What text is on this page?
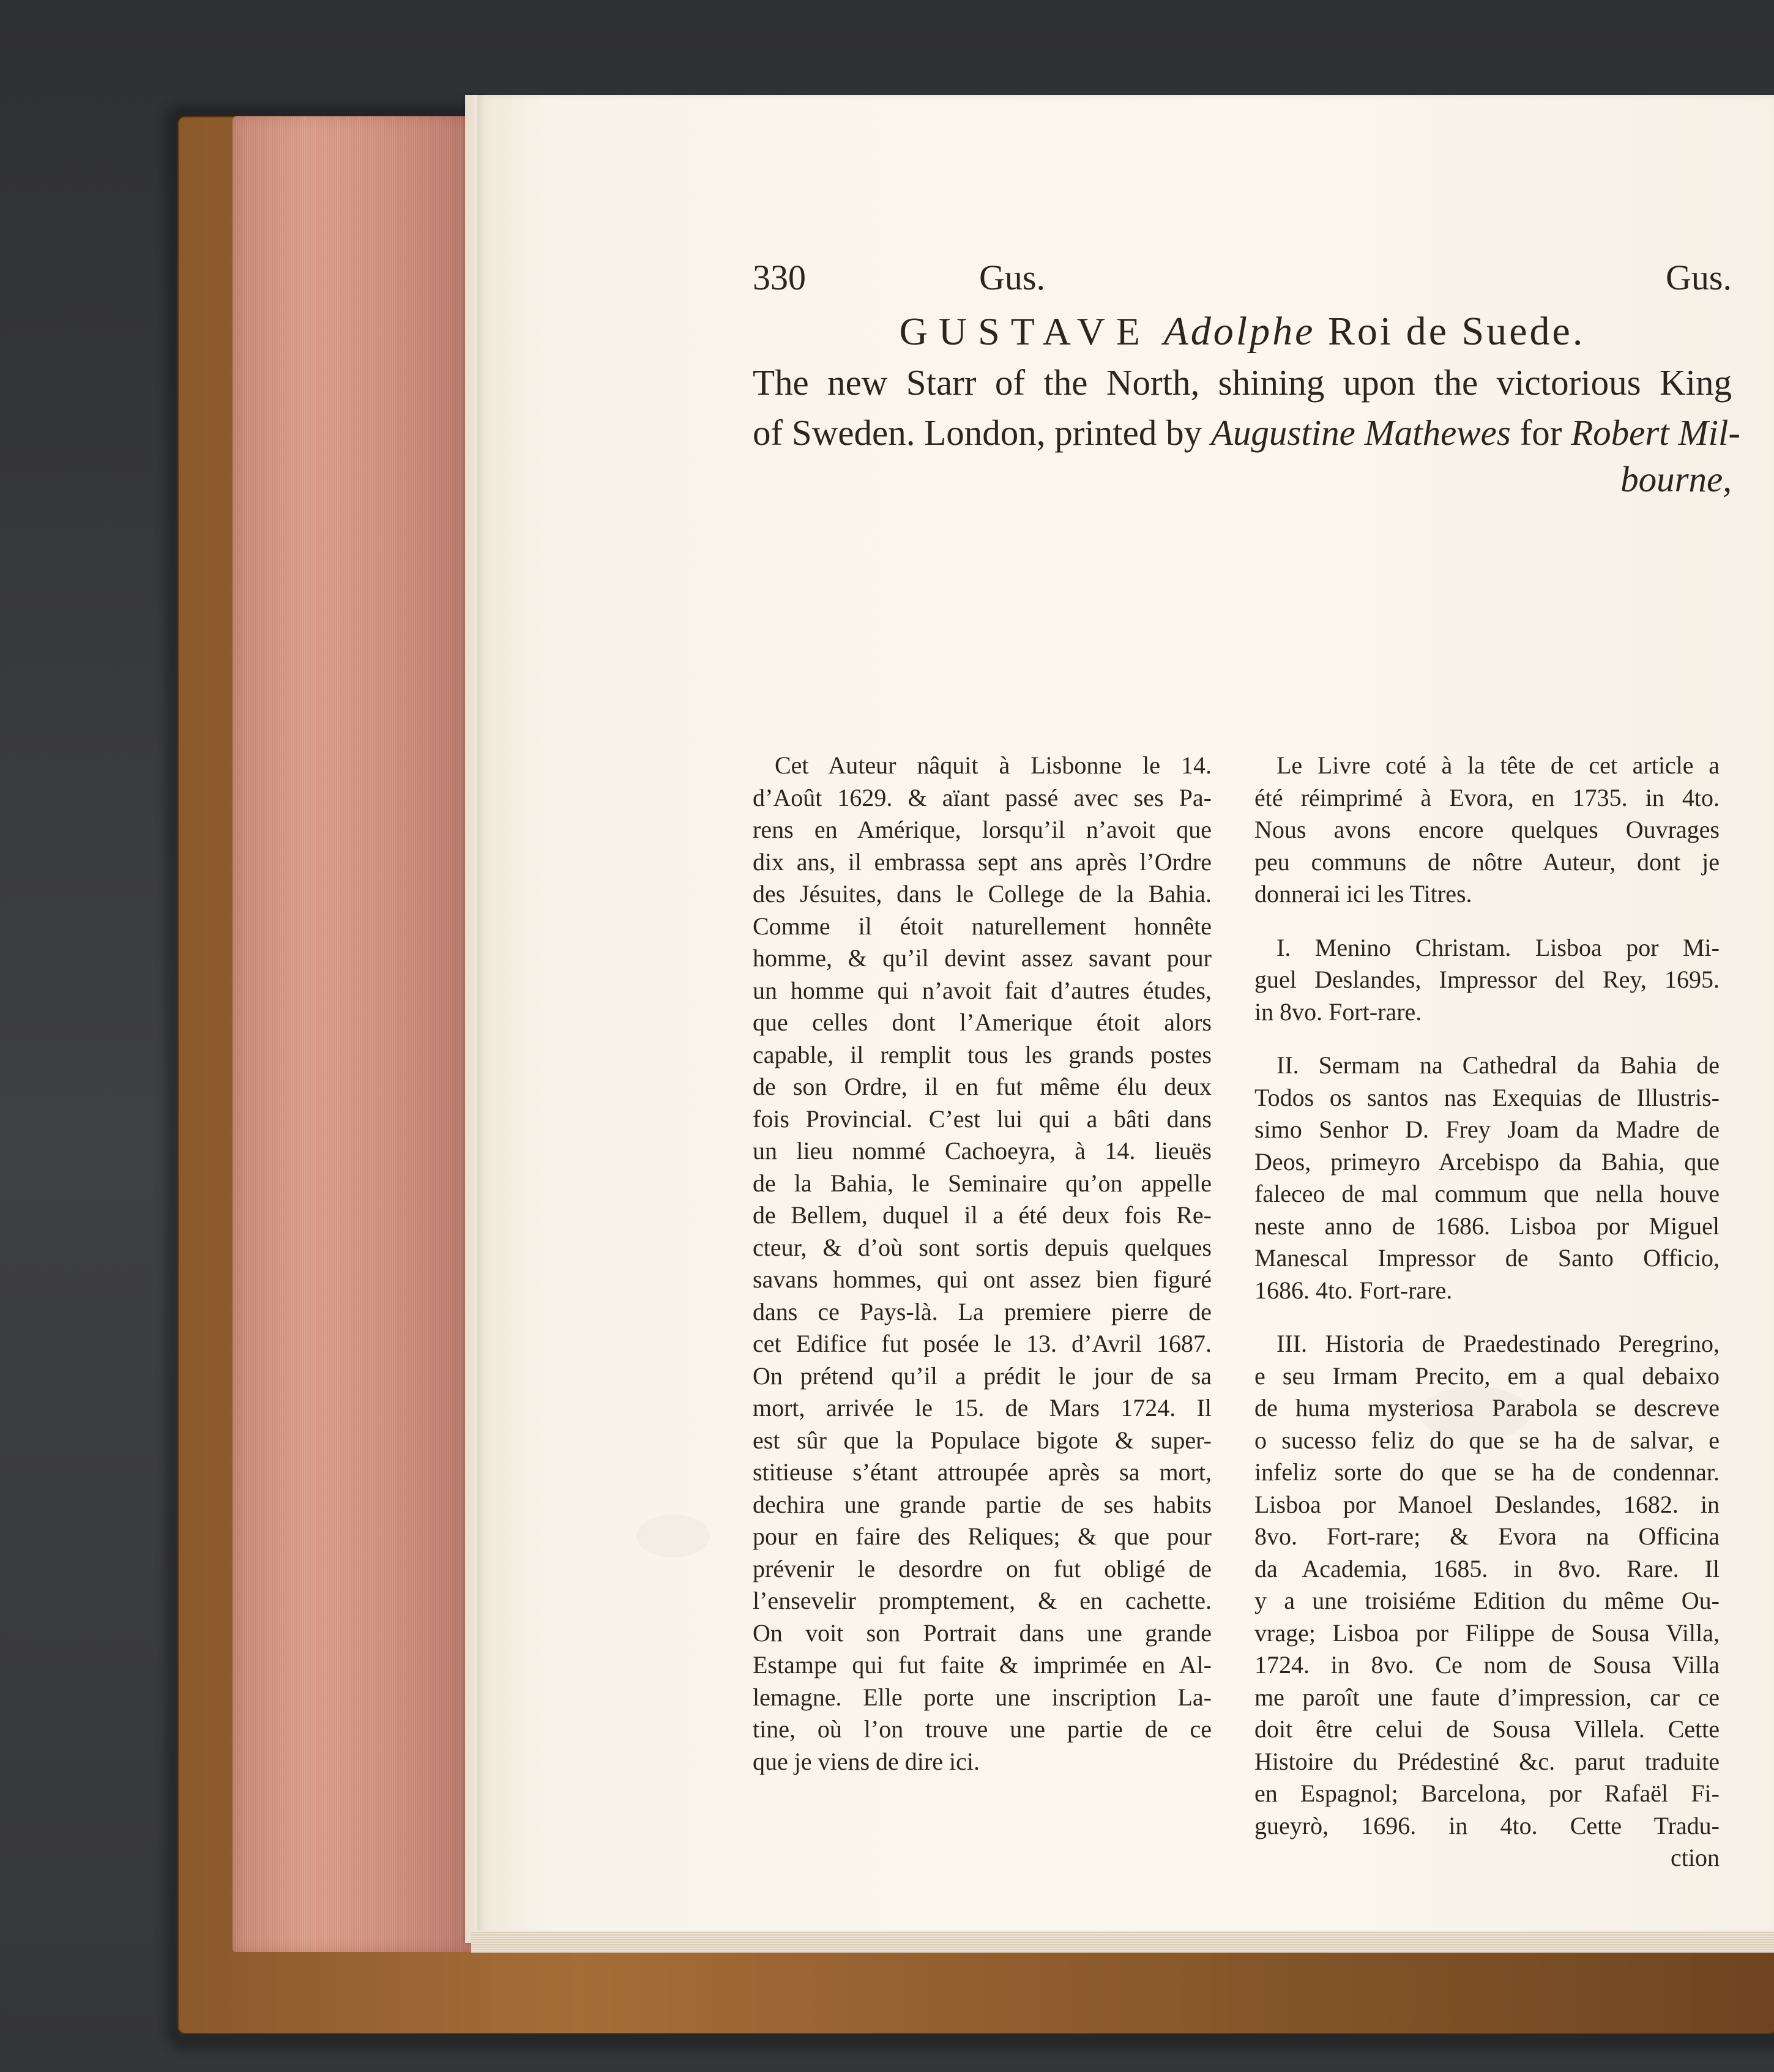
330	Gus.	Gus.
GUSTAVE Adolphe Roi de Suede.
The new Starr of the North, shining upon the victorious King
of Sweden. London, printed by Augustine Mathewes for Robert Mil-
bourne,
Cet Auteur nâquit à Lisbonne le 14.
d’Août 1629. & aïant passé avec ses Pa-
rens en Amérique, lorsqu’il n’avoit que
dix ans, il embrassa sept ans après l’Ordre
des Jésuites, dans le College de la Bahia.
Comme il étoit naturellement honnête
homme, & qu’il devint assez savant pour
un homme qui n’avoit fait d’autres études,
que celles dont l’Amerique étoit alors
capable, il remplit tous les grands postes
de son Ordre, il en fut même élu deux
fois Provincial. C’est lui qui a bâti dans
un lieu nommé Cachoeyra, à 14. lieuës
de la Bahia, le Seminaire qu’on appelle
de Bellem, duquel il a été deux fois Re-
cteur, & d’où sont sortis depuis quelques
savans hommes, qui ont assez bien figuré
dans ce Pays-là. La premiere pierre de
cet Edifice fut posée le 13. d’Avril 1687.
On prétend qu’il a prédit le jour de sa
mort, arrivée le 15. de Mars 1724. Il
est sûr que la Populace bigote & super-
stitieuse s’étant attroupée après sa mort,
dechira une grande partie de ses habits
pour en faire des Reliques; & que pour
prévenir le desordre on fut obligé de
l’ensevelir promptement, & en cachette.
On voit son Portrait dans une grande
Estampe qui fut faite & imprimée en Al-
lemagne. Elle porte une inscription La-
tine, où l’on trouve une partie de ce
que je viens de dire ici.
Le Livre coté à la tête de cet article a
été réimprimé à Evora, en 1735. in 4to.
Nous avons encore quelques Ouvrages
peu communs de nôtre Auteur, dont je
donnerai ici les Titres.
I. Menino Christam. Lisboa por Mi-
guel Deslandes, Impressor del Rey, 1695.
in 8vo. Fort-rare.
II. Sermam na Cathedral da Bahia de
Todos os santos nas Exequias de Illustris-
simo Senhor D. Frey Joam da Madre de
Deos, primeyro Arcebispo da Bahia, que
faleceo de mal commum que nella houve
neste anno de 1686. Lisboa por Miguel
Manescal Impressor de Santo Officio,
1686. 4to. Fort-rare.
III. Historia de Praedestinado Peregrino,
e seu Irmam Precito, em a qual debaixo
de huma mysteriosa Parabola se descreve
o sucesso feliz do que se ha de salvar, e
infeliz sorte do que se ha de condennar.
Lisboa por Manoel Deslandes, 1682. in
8vo. Fort-rare; & Evora na Officina
da Academia, 1685. in 8vo. Rare. Il
y a une troisiéme Edition du même Ou-
vrage; Lisboa por Filippe de Sousa Villa,
1724. in 8vo. Ce nom de Sousa Villa
me paroît une faute d’impression, car ce
doit être celui de Sousa Villela. Cette
Histoire du Prédestiné &c. parut traduite
en Espagnol; Barcelona, por Rafaël Fi-
gueyrò, 1696. in 4to. Cette Tradu-
ction
